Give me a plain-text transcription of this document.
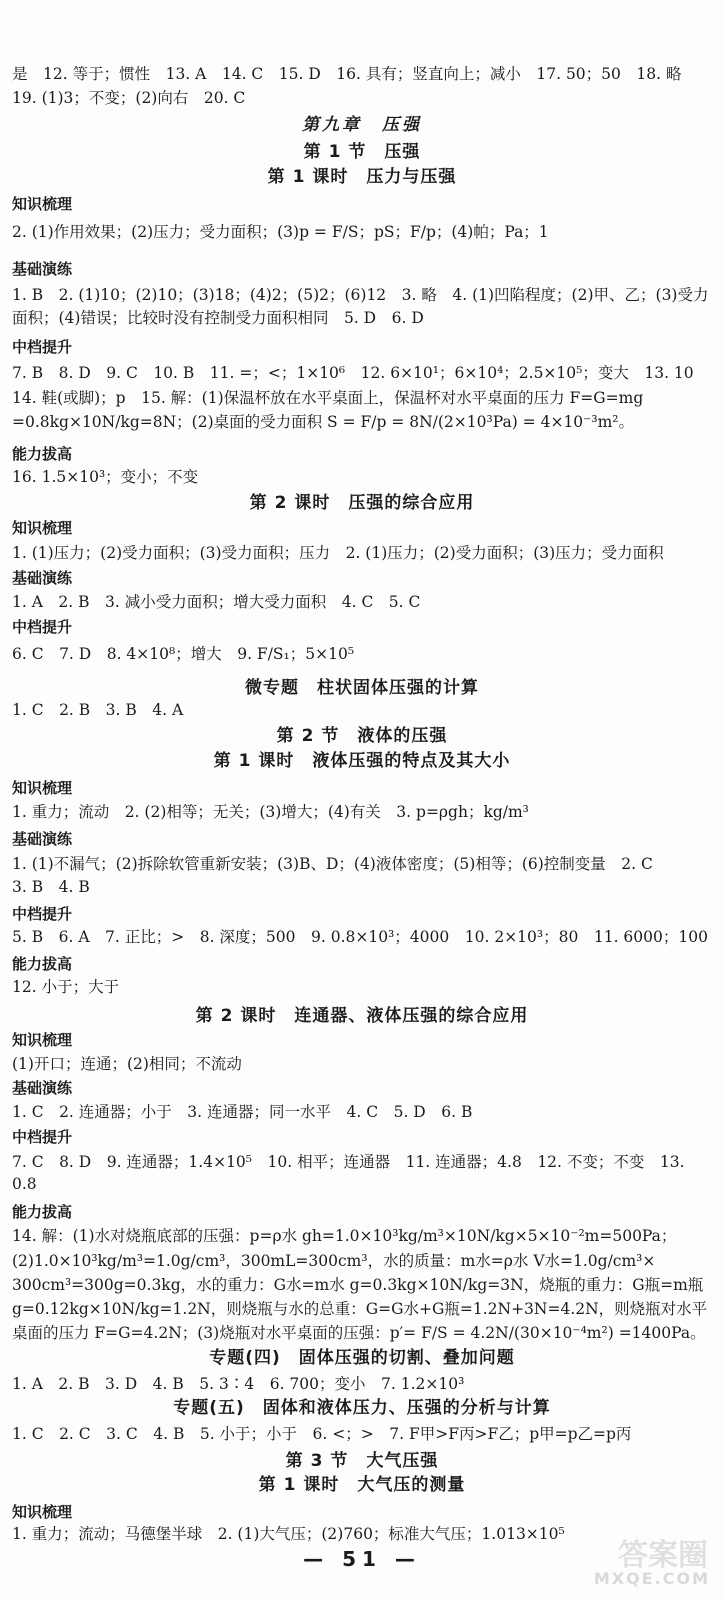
是　12. 等于；惯性　13. A　14. C　15. D　16. 具有；竖直向上；减小　17. 50；50　18. 略
19. (1)3；不变；(2)向右　20. C
第九章　压强
第 1 节　压强
第 1 课时　压力与压强
知识梳理
2. (1)作用效果；(2)压力；受力面积；(3)p = F/S；pS；F/p；(4)帕；Pa；1
基础演练
1. B　2. (1)10；(2)10；(3)18；(4)2；(5)2；(6)12　3. 略　4. (1)凹陷程度；(2)甲、乙；(3)受力
面积；(4)错误；比较时没有控制受力面积相同　5. D　6. D
中档提升
7. B　8. D　9. C　10. B　11. =；<；1×10⁶　12. 6×10¹；6×10⁴；2.5×10⁵；变大　13. 10
14. 鞋(或脚)；p　15. 解：(1)保温杯放在水平桌面上，保温杯对水平桌面的压力 F=G=mg
=0.8kg×10N/kg=8N；(2)桌面的受力面积 S = F/p = 8N/(2×10³Pa) = 4×10⁻³m²。
能力拔高
16. 1.5×10³；变小；不变
第 2 课时　压强的综合应用
知识梳理
1. (1)压力；(2)受力面积；(3)受力面积；压力　2. (1)压力；(2)受力面积；(3)压力；受力面积
基础演练
1. A　2. B　3. 减小受力面积；增大受力面积　4. C　5. C
中档提升
6. C　7. D　8. 4×10⁸；增大　9. F/S₁；5×10⁵
微专题　柱状固体压强的计算
1. C　2. B　3. B　4. A
第 2 节　液体的压强
第 1 课时　液体压强的特点及其大小
知识梳理
1. 重力；流动　2. (2)相等；无关；(3)增大；(4)有关　3. p=ρgh；kg/m³
基础演练
1. (1)不漏气；(2)拆除软管重新安装；(3)B、D；(4)液体密度；(5)相等；(6)控制变量　2. C
3. B　4. B
中档提升
5. B　6. A　7. 正比；>　8. 深度；500　9. 0.8×10³；4000　10. 2×10³；80　11. 6000；100
能力拔高
12. 小于；大于
第 2 课时　连通器、液体压强的综合应用
知识梳理
(1)开口；连通；(2)相同；不流动
基础演练
1. C　2. 连通器；小于　3. 连通器；同一水平　4. C　5. D　6. B
中档提升
7. C　8. D　9. 连通器；1.4×10⁵　10. 相平；连通器　11. 连通器；4.8　12. 不变；不变　13.
0.8
能力拔高
14. 解：(1)水对烧瓶底部的压强：p=ρ水 gh=1.0×10³kg/m³×10N/kg×5×10⁻²m=500Pa；
(2)1.0×10³kg/m³=1.0g/cm³，300mL=300cm³，水的质量：m水=ρ水 V水=1.0g/cm³×
300cm³=300g=0.3kg，水的重力：G水=m水 g=0.3kg×10N/kg=3N，烧瓶的重力：G瓶=m瓶
g=0.12kg×10N/kg=1.2N，则烧瓶与水的总重：G=G水+G瓶=1.2N+3N=4.2N，则烧瓶对水平
桌面的压力 F=G=4.2N；(3)烧瓶对水平桌面的压强：p′= F/S = 4.2N/(30×10⁻⁴m²) =1400Pa。
专题(四)　固体压强的切割、叠加问题
1. A　2. B　3. D　4. B　5. 3∶4　6. 700；变小　7. 1.2×10³
专题(五)　固体和液体压力、压强的分析与计算
1. C　2. C　3. C　4. B　5. 小于；小于　6. <；>　7. F甲>F丙>F乙；p甲=p乙=p丙
第 3 节　大气压强
第 1 课时　大气压的测量
知识梳理
1. 重力；流动；马德堡半球　2. (1)大气压；(2)760；标准大气压；1.013×10⁵
— 51 —	答案圈
MXQE.COM
